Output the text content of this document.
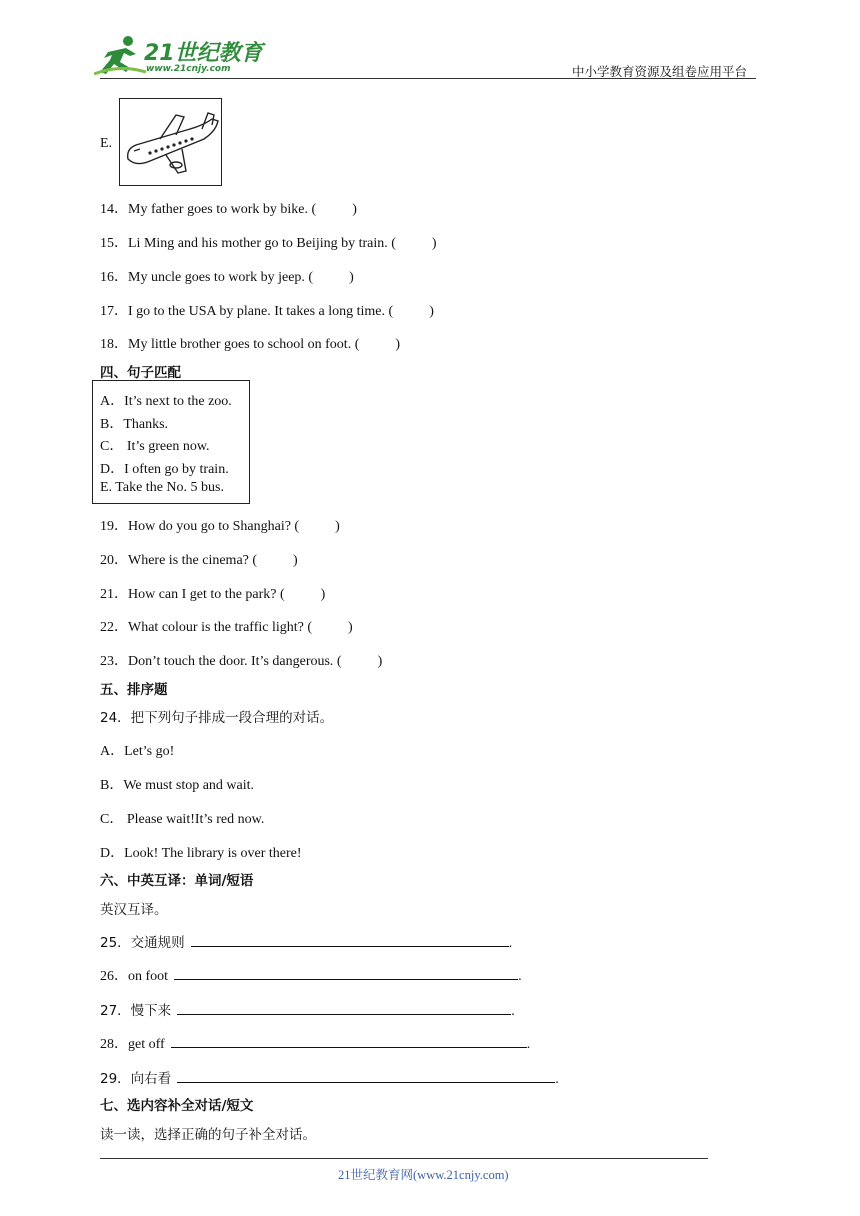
21世纪教育
www.21cnjy.com	中小学教育资源及组卷应用平台
E.
14．My father goes to work by bike. (	)
15．Li Ming and his mother go to Beijing by train. (	)
16．My uncle goes to work by jeep. (	)
17．I go to the USA by plane. It takes a long time. (	)
18．My little brother goes to school on foot. (	)
四、句子匹配
A．It’s next to the zoo.
B．Thanks.
C． It’s green now.
D．I often go by train.
E. Take the No. 5 bus.
19．How do you go to Shanghai? (	)
20．Where is the cinema? (	)
21．How can I get to the park? (	)
22．What colour is the traffic light? (	)
23．Don’t touch the door. It’s dangerous. (	)
五、排序题
24．把下列句子排成一段合理的对话。
A．Let’s go!
B．We must stop and wait.
C． Please wait!It’s red now.
D．Look! The library is over there!
六、中英互译：单词/短语
英汉互译。
25．交通规则	.
26．on foot	.
27．慢下来	.
28．get off	.
29．向右看	.
七、选内容补全对话/短文
读一读，选择正确的句子补全对话。
21世纪教育网(www.21cnjy.com)
